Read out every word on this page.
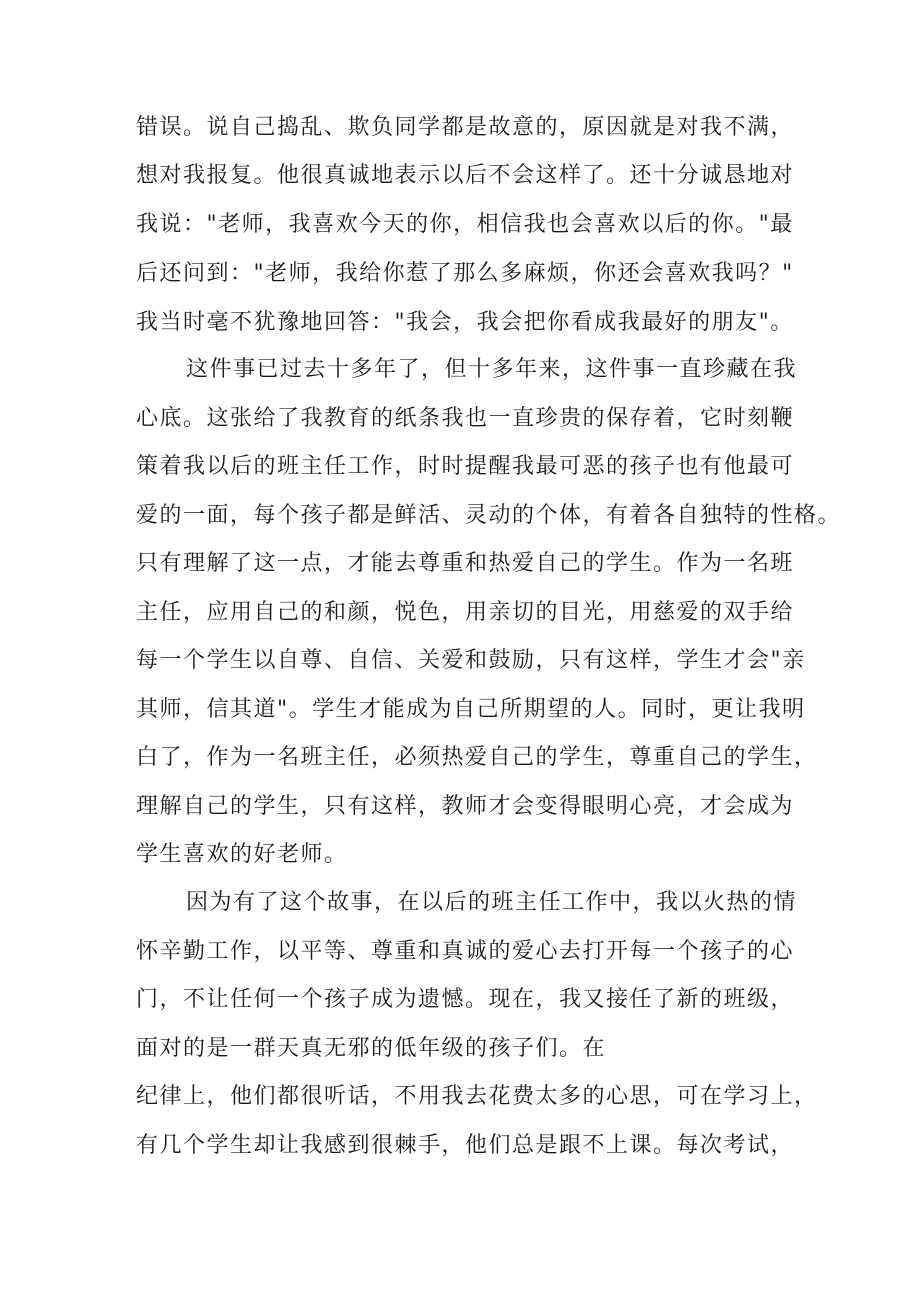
错误。说自己捣乱、欺负同学都是故意的，原因就是对我不满，

想对我报复。他很真诚地表示以后不会这样了。还十分诚恳地对

我说："老师，我喜欢今天的你，相信我也会喜欢以后的你。"最

后还问到："老师，我给你惹了那么多麻烦，你还会喜欢我吗？"

我当时毫不犹豫地回答："我会，我会把你看成我最好的朋友"。

这件事已过去十多年了，但十多年来，这件事一直珍藏在我

心底。这张给了我教育的纸条我也一直珍贵的保存着，它时刻鞭

策着我以后的班主任工作，时时提醒我最可恶的孩子也有他最可

爱的一面，每个孩子都是鲜活、灵动的个体，有着各自独特的性格。

只有理解了这一点，才能去尊重和热爱自己的学生。作为一名班

主任，应用自己的和颜，悦色，用亲切的目光，用慈爱的双手给

每一个学生以自尊、自信、关爱和鼓励，只有这样，学生才会"亲

其师，信其道"。学生才能成为自己所期望的人。同时，更让我明

白了，作为一名班主任，必须热爱自己的学生，尊重自己的学生，

理解自己的学生，只有这样，教师才会变得眼明心亮，才会成为

学生喜欢的好老师。

因为有了这个故事，在以后的班主任工作中，我以火热的情

怀辛勤工作，以平等、尊重和真诚的爱心去打开每一个孩子的心

门，不让任何一个孩子成为遗憾。现在，我又接任了新的班级，

面对的是一群天真无邪的低年级的孩子们。在

纪律上，他们都很听话，不用我去花费太多的心思，可在学习上，

有几个学生却让我感到很棘手，他们总是跟不上课。每次考试，
